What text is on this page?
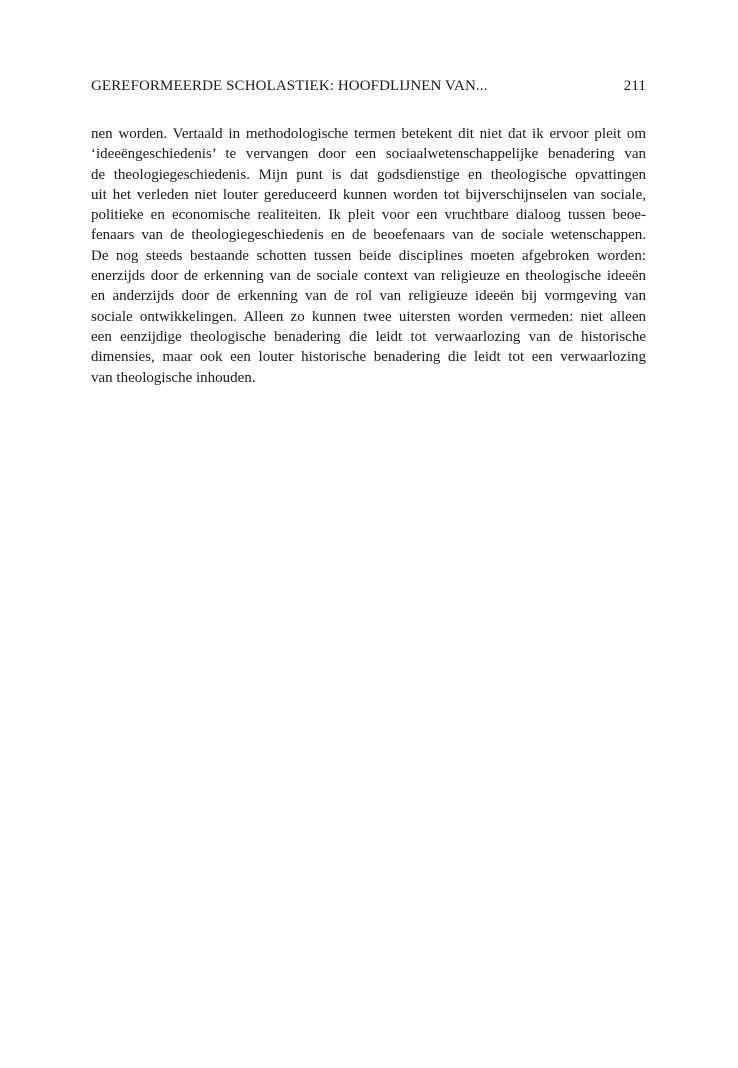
GEREFORMEERDE SCHOLASTIEK: HOOFDLIJNEN VAN...	211
nen worden. Vertaald in methodologische termen betekent dit niet dat ik ervoor pleit om
‘ideeëngeschiedenis’ te vervangen door een sociaalwetenschappelijke benadering van
de theologiegeschiedenis. Mijn punt is dat godsdienstige en theologische opvattingen
uit het verleden niet louter gereduceerd kunnen worden tot bijverschijnselen van sociale,
politieke en economische realiteiten. Ik pleit voor een vruchtbare dialoog tussen beoe-
fenaars van de theologiegeschiedenis en de beoefenaars van de sociale wetenschappen.
De nog steeds bestaande schotten tussen beide disciplines moeten afgebroken worden:
enerzijds door de erkenning van de sociale context van religieuze en theologische ideeën
en anderzijds door de erkenning van de rol van religieuze ideeën bij vormgeving van
sociale ontwikkelingen. Alleen zo kunnen twee uitersten worden vermeden: niet alleen
een eenzijdige theologische benadering die leidt tot verwaarlozing van de historische
dimensies, maar ook een louter historische benadering die leidt tot een verwaarlozing
van theologische inhouden.
